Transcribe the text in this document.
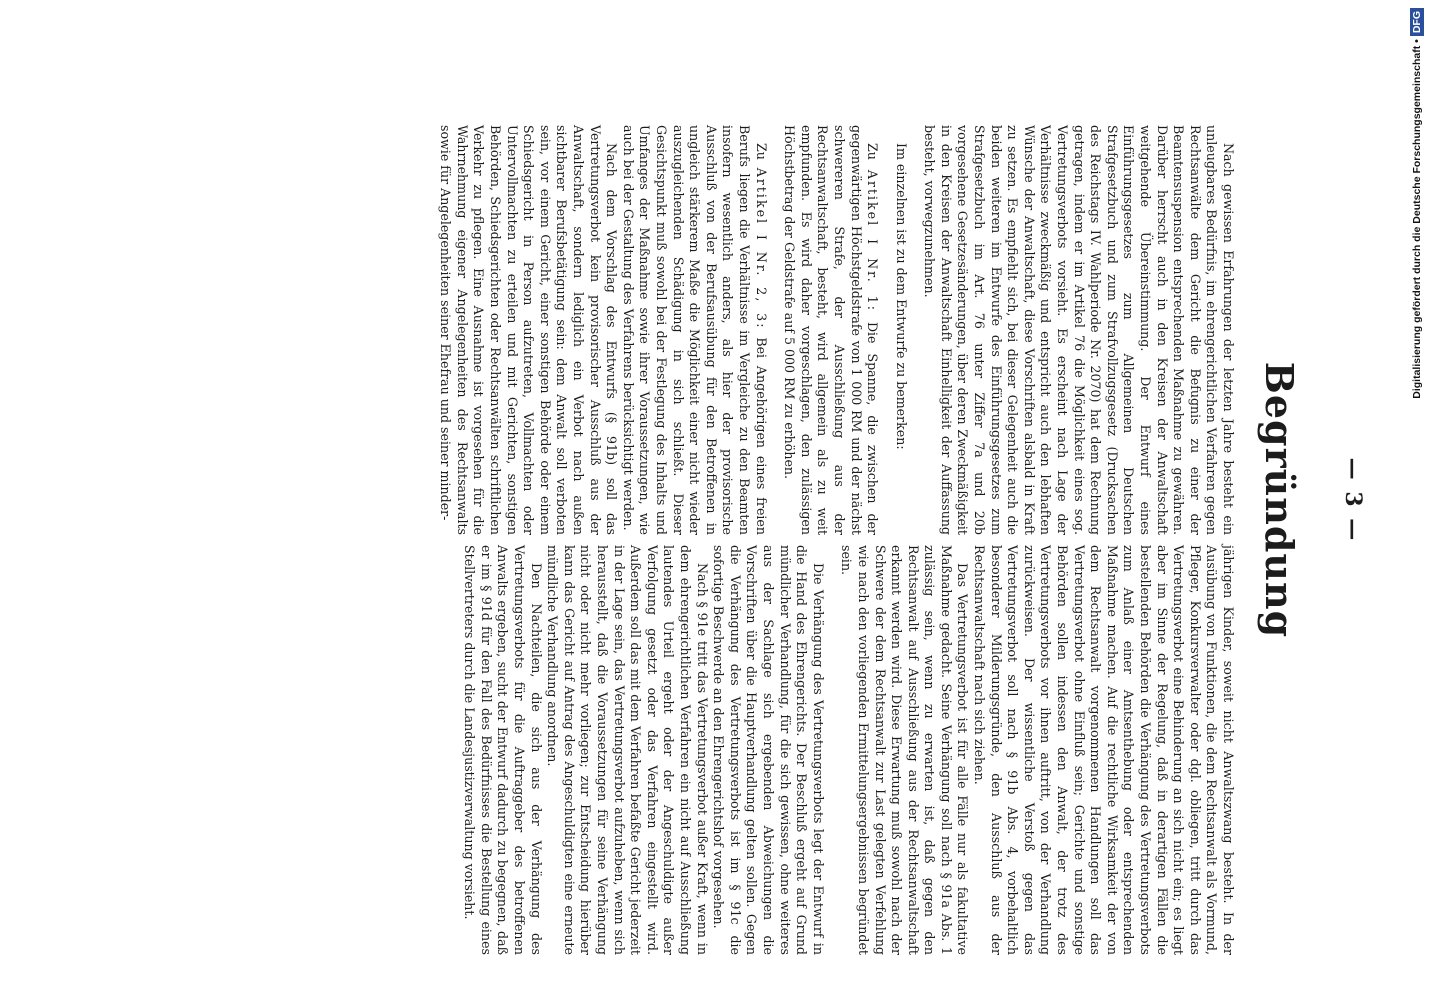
— 3 —
Begründung

Nach gewissen Erfahrungen der letzten Jahre besteht ein unleugbares Bedürfnis, im ehrengerichtlichen Verfahren gegen Rechtsanwälte dem Gericht die Befugnis zu einer der Beamtensuspension entsprechenden Maßnahme zu gewähren. Darüber herrscht auch in den Kreisen der Anwaltschaft weitgehende Übereinstimmung. Der Entwurf eines Einführungsgesetzes zum Allgemeinen Deutschen Strafgesetzbuch und zum Strafvollzugsgesetz (Drucksachen des Reichstags IV. Wahlperiode Nr. 2070) hat dem Rechnung getragen, indem er im Artikel 76 die Möglichkeit eines sog. Vertretungsverbots vorsieht. Es erscheint nach Lage der Verhältnisse zweckmäßig und entspricht auch den lebhaften Wünsche der Anwaltschaft, diese Vorschriften alsbald in Kraft zu setzen. Es empfiehlt sich, bei dieser Gelegenheit auch die beiden weiteren im Entwurfe des Einführungsgesetzes zum Strafgesetzbuch im Art. 76 unter Ziffer 7a und 20b vorgesehene Gesetzesänderungen, über deren Zweckmäßigkeit in den Kreisen der Anwaltschaft Einhelligkeit der Auffassung besteht, vorwegzunehmen.

Im einzelnen ist zu dem Entwurfe zu bemerken:

Zu Artikel I Nr. 1: Die Spanne, die zwischen der gegenwärtigen Höchstgeldstrafe von 1 000 RM und der nächst schwereren Strafe, der Ausschließung aus der Rechtsanwaltschaft, besteht, wird allgemein als zu weit empfunden. Es wird daher vorgeschlagen, den zulässigen Höchstbetrag der Geldstrafe auf 5 000 RM zu erhöhen.

Zu Artikel I Nr. 2, 3: Bei Angehörigen eines freien Berufs liegen die Verhältnisse im Vergleiche zu den Beamten insofern wesentlich anders, als hier der provisorische Ausschluß von der Berufsausübung für den Betroffenen in ungleich stärkerem Maße die Möglichkeit einer nicht wieder auszugleichenden Schädigung in sich schließt. Dieser Gesichtspunkt muß sowohl bei der Festlegung des Inhalts und Umfanges der Maßnahme sowie ihrer Voraussetzungen, wie auch bei der Gestaltung des Verfahrens berücksichtigt werden.

Nach dem Vorschlag des Entwurfs (§ 91b) soll das Vertretungsverbot kein provisorischer Ausschluß aus der Anwaltschaft, sondern lediglich ein Verbot nach außen sichtbarer Berufsbetätigung sein: dem Anwalt soll verboten sein, vor einem Gericht, einer sonstigen Behörde oder einem Schiedsgericht in Person aufzutreten, Vollmachten oder Untervollmachten zu erteilen und mit Gerichten, sonstigen Behörden, Schiedsgerichten oder Rechtsanwälten schriftlichen Verkehr zu pflegen. Eine Ausnahme ist vorgesehen für die Wahrnehmung eigener Angelegenheiten des Rechtsanwalts sowie für Angelegenheiten seiner Ehefrau und seiner minder-

jährigen Kinder, soweit nicht Anwaltszwang besteht. In der Ausübung von Funktionen, die dem Rechtsanwalt als Vormund, Pfleger, Konkursverwalter oder dgl. obliegen, tritt durch das Vertretungsverbot eine Behinderung an sich nicht ein; es liegt aber im Sinne der Regelung, daß in derartigen Fällen die bestellenden Behörden die Verhängung des Vertretungsverbots zum Anlaß einer Amtsenthebung oder entsprechenden Maßnahme machen. Auf die rechtliche Wirksamkeit der von dem Rechtsanwalt vorgenommenen Handlungen soll das Vertretungsverbot ohne Einfluß sein; Gerichte und sonstige Behörden sollen indessen den Anwalt, der trotz des Vertretungsverbots vor ihnen auftritt, von der Verhandlung zurückweisen. Der wissentliche Verstoß gegen das Vertretungsverbot soll nach § 91b Abs. 4, vorbehaltlich besonderer Milderungsgründe, den Ausschluß aus der Rechtsanwaltschaft nach sich ziehen.

Das Vertretungsverbot ist für alle Fälle nur als fakultative Maßnahme gedacht. Seine Verhängung soll nach § 91a Abs. 1 zulässig sein, wenn zu erwarten ist, daß gegen den Rechtsanwalt auf Ausschließung aus der Rechtsanwaltschaft erkannt werden wird. Diese Erwartung muß sowohl nach der Schwere der dem Rechtsanwalt zur Last gelegten Verfehlung wie nach den vorliegenden Ermittelungsergebnissen begründet sein.

Die Verhängung des Vertretungsverbots legt der Entwurf in die Hand des Ehrengerichts. Der Beschluß ergeht auf Grund mündlicher Verhandlung, für die sich gewissen, ohne weiteres aus der Sachlage sich ergebenden Abweichungen die Vorschriften über die Hauptverhandlung gelten sollen. Gegen die Verhängung des Vertretungsverbots ist im § 91c die sofortige Beschwerde an den Ehrengerichtshof vorgesehen.

Nach § 91e tritt das Vertretungsverbot außer Kraft, wenn in dem ehrengerichtlichen Verfahren ein nicht auf Ausschließung lautendes Urteil ergeht oder der Angeschuldigte außer Verfolgung gesetzt oder das Verfahren eingestellt wird. Außerdem soll das mit dem Verfahren befaßte Gericht jederzeit in der Lage sein, das Vertretungsverbot aufzuheben, wenn sich herausstellt, daß die Voraussetzungen für seine Verhängung nicht oder nicht mehr vorliegen; zur Entscheidung hierüber kann das Gericht auf Antrag des Angeschuldigten eine erneute mündliche Verhandlung anordnen.

Den Nachteilen, die sich aus der Verhängung des Vertretungsverbots für die Auftraggeber des betroffenen Anwalts ergeben, sucht der Entwurf dadurch zu begegnen, daß er im § 91d für den Fall des Bedürfnisses die Bestellung eines Stellvertreters durch die Landesjustizverwaltung vorsieht.

Digitalisierung gefördert durch die Deutsche Forschungsgemeinschaft •DFG
